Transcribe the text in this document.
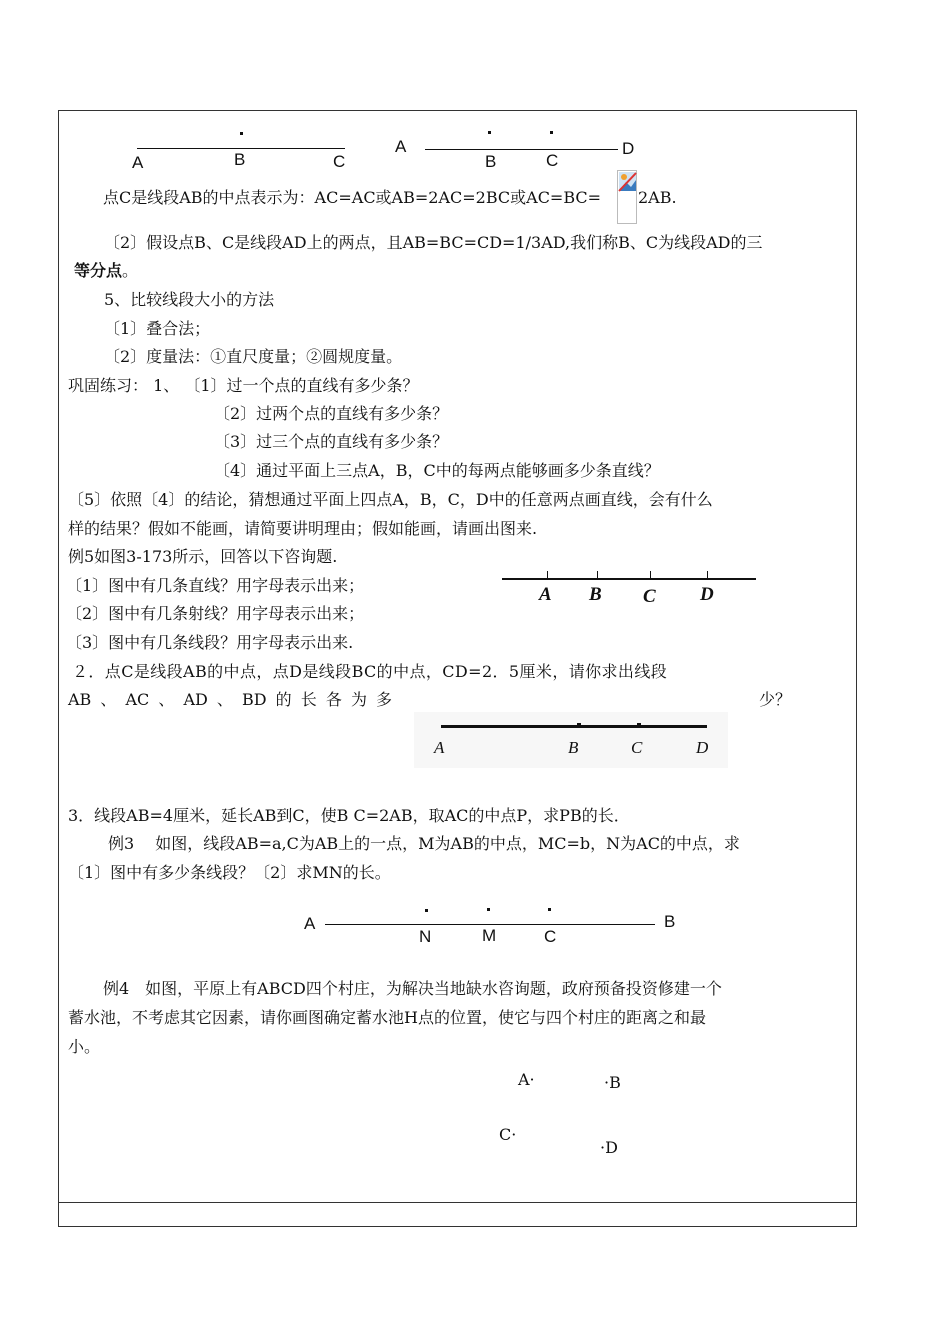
A	B	C
A
B	C
D
点C是线段AB的中点表示为：AC=AC或AB=2AC=2BC或AC=BC= 2AB.
〔2〕假设点B、C是线段AD上的两点，且AB=BC=CD=1/3AD,我们称B、C为线段AD的三
等分点。
5、比较线段大小的方法
〔1〕叠合法；
〔2〕度量法：①直尺度量；②圆规度量。
巩固练习： 1、 〔1〕过一个点的直线有多少条？
〔2〕过两个点的直线有多少条？
〔3〕过三个点的直线有多少条？
〔4〕通过平面上三点A，B，C中的每两点能够画多少条直线？
〔5〕依照〔4〕的结论，猜想通过平面上四点A，B，C，D中的任意两点画直线，会有什么
样的结果？假如不能画，请简要讲明理由；假如能画，请画出图来.
例5如图3-173所示，回答以下咨询题.
〔1〕图中有几条直线？用字母表示出来；
〔2〕图中有几条射线？用字母表示出来；
〔3〕图中有几条线段？用字母表示出来.
A B C D
２．点C是线段AB的中点，点D是线段BC的中点，CD=2．5厘米，请你求出线段
AB 、 AC 、 AD 、 BD 的 长 各 为 多	少？
A	B	C	D
3．线段AB=4厘米，延长AB到C，使B C=2AB，取AC的中点P，求PB的长．
例3　 如图，线段AB=a,C为AB上的一点，M为AB的中点，MC=b，N为AC的中点，求
〔1〕图中有多少条线段？〔2〕求MN的长。
A
N	M	C
B
例4　如图，平原上有ABCD四个村庄，为解决当地缺水咨询题，政府预备投资修建一个
蓄水池，不考虑其它因素，请你画图确定蓄水池H点的位置，使它与四个村庄的距离之和最
小。
A·	·B
C·
·D
